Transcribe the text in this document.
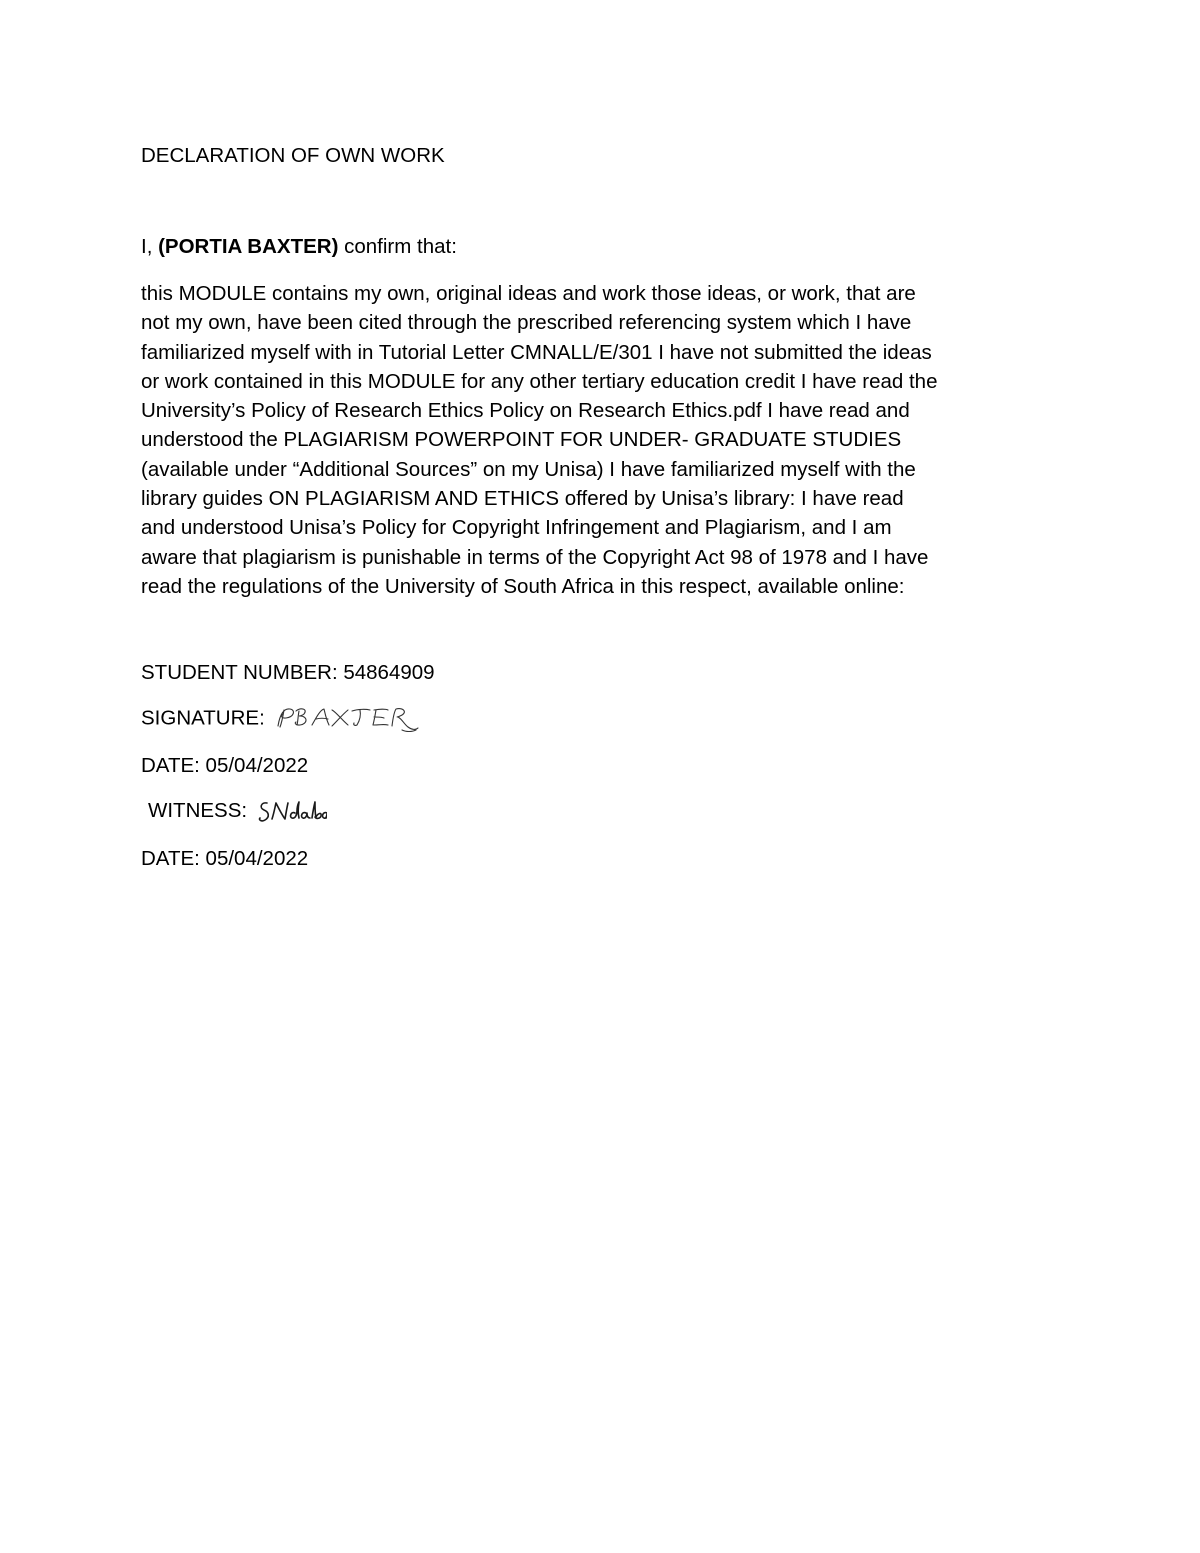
DECLARATION OF OWN WORK

I, (PORTIA BAXTER) confirm that:

this MODULE contains my own, original ideas and work those ideas, or work, that are
not my own, have been cited through the prescribed referencing system which I have
familiarized myself with in Tutorial Letter CMNALL/E/301 I have not submitted the ideas
or work contained in this MODULE for any other tertiary education credit I have read the
University’s Policy of Research Ethics Policy on Research Ethics.pdf I have read and
understood the PLAGIARISM POWERPOINT FOR UNDER- GRADUATE STUDIES
(available under “Additional Sources” on my Unisa) I have familiarized myself with the
library guides ON PLAGIARISM AND ETHICS offered by Unisa’s library: I have read
and understood Unisa’s Policy for Copyright Infringement and Plagiarism, and I am
aware that plagiarism is punishable in terms of the Copyright Act 98 of 1978 and I have
read the regulations of the University of South Africa in this respect, available online:

STUDENT NUMBER: 54864909

SIGNATURE:

DATE: 05/04/2022

WITNESS:

DATE: 05/04/2022
